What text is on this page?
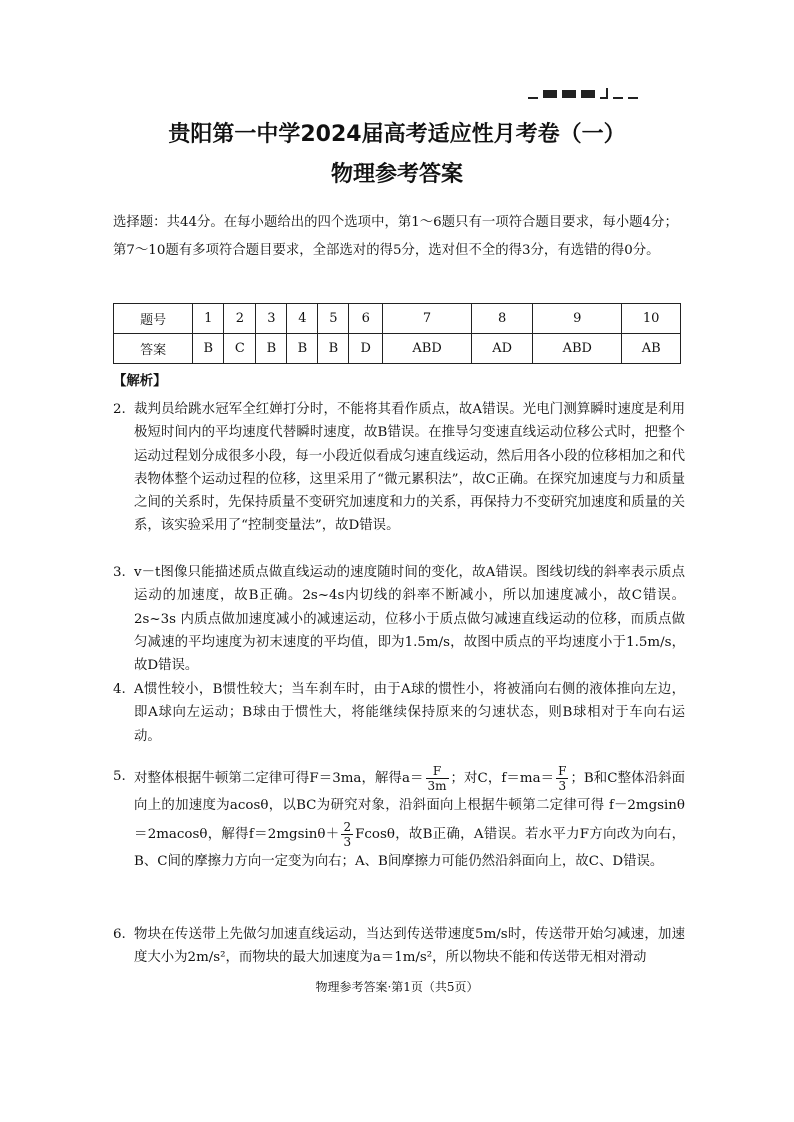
贵阳第一中学2024届高考适应性月考卷（一）
物理参考答案
选择题：共44分。在每小题给出的四个选项中，第1～6题只有一项符合题目要求，每小题4分；第7～10题有多项符合题目要求，全部选对的得5分，选对但不全的得3分，有选错的得0分。
题号	1	2	3	4	5	6	7	8	9	10
答案	B	C	B	B	B	D	ABD	AD	ABD	AB
【解析】
2. 裁判员给跳水冠军全红婵打分时，不能将其看作质点，故A错误。光电门测算瞬时速度是利用极短时间内的平均速度代替瞬时速度，故B错误。在推导匀变速直线运动位移公式时，把整个运动过程划分成很多小段，每一小段近似看成匀速直线运动，然后用各小段的位移相加之和代表物体整个运动过程的位移，这里采用了“微元累积法”，故C正确。在探究加速度与力和质量之间的关系时，先保持质量不变研究加速度和力的关系，再保持力不变研究加速度和质量的关系，该实验采用了“控制变量法”，故D错误。
3. v－t图像只能描述质点做直线运动的速度随时间的变化，故A错误。图线切线的斜率表示质点运动的加速度，故B正确。2s~4s内切线的斜率不断减小，所以加速度减小，故C错误。2s~3s 内质点做加速度减小的减速运动，位移小于质点做匀减速直线运动的位移，而质点做匀减速的平均速度为初末速度的平均值，即为1.5m/s，故图中质点的平均速度小于1.5m/s，故D错误。
4. A惯性较小，B惯性较大；当车刹车时，由于A球的惯性小，将被涌向右侧的液体推向左边，即A球向左运动；B球由于惯性大，将能继续保持原来的匀速状态，则B球相对于车向右运动。
5. 对整体根据牛顿第二定律可得F＝3ma，解得$a= \frac{F}{3m}$ ；对C，$f=ma= \frac{F}{3}$ ；B和C整体沿斜面向上的加速度为acosθ，以BC为研究对象，沿斜面向上根据牛顿第二定律可得 f－2mgsinθ＝2macosθ，解得$f=2mgsin\theta+ \frac{2}{3}$ Fcosθ，故B正确，A错误。若水平力F方向改为向右，B、C间的摩擦力方向一定变为向右；A、B间摩擦力可能仍然沿斜面向上，故C、D错误。
6. 物块在传送带上先做匀加速直线运动，当达到传送带速度5m/s时，传送带开始匀减速，加速度大小为2m/s²，而物块的最大加速度为a＝1m/s²，所以物块不能和传送带无相对滑动
物理参考答案·第1页（共5页）
